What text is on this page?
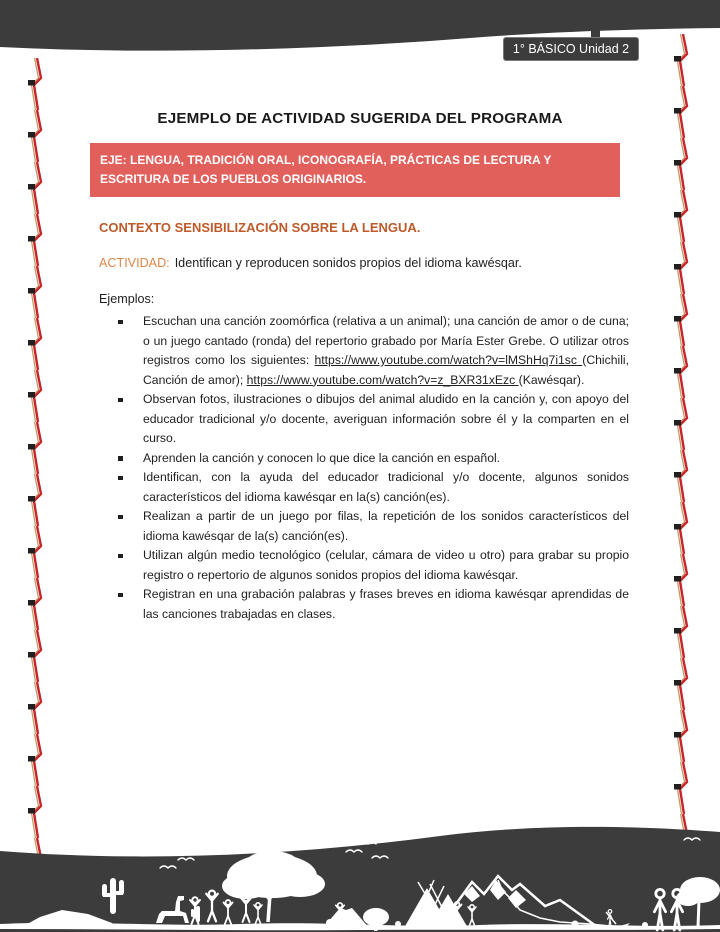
1° BÁSICO Unidad 2
EJEMPLO DE ACTIVIDAD SUGERIDA DEL PROGRAMA
EJE: LENGUA, TRADICIÓN ORAL, ICONOGRAFÍA, PRÁCTICAS DE LECTURA Y ESCRITURA DE LOS PUEBLOS ORIGINARIOS.
CONTEXTO SENSIBILIZACIÓN SOBRE LA LENGUA.
ACTIVIDAD: Identifican y reproducen sonidos propios del idioma kawésqar.
Ejemplos:
Escuchan una canción zoomórfica (relativa a un animal); una canción de amor o de cuna; o un juego cantado (ronda) del repertorio grabado por María Ester Grebe. O utilizar otros registros como los siguientes: https://www.youtube.com/watch?v=lMShHq7i1sc (Chichili, Canción de amor); https://www.youtube.com/watch?v=z_BXR31xEzc (Kawésqar).
Observan fotos, ilustraciones o dibujos del animal aludido en la canción y, con apoyo del educador tradicional y/o docente, averiguan información sobre él y la comparten en el curso.
Aprenden la canción y conocen lo que dice la canción en español.
Identifican, con la ayuda del educador tradicional y/o docente, algunos sonidos característicos del idioma kawésqar en la(s) canción(es).
Realizan a partir de un juego por filas, la repetición de los sonidos característicos del idioma kawésqar de la(s) canción(es).
Utilizan algún medio tecnológico (celular, cámara de video u otro) para grabar su propio registro o repertorio de algunos sonidos propios del idioma kawésqar.
Registran en una grabación palabras y frases breves en idioma kawésqar aprendidas de las canciones trabajadas en clases.
